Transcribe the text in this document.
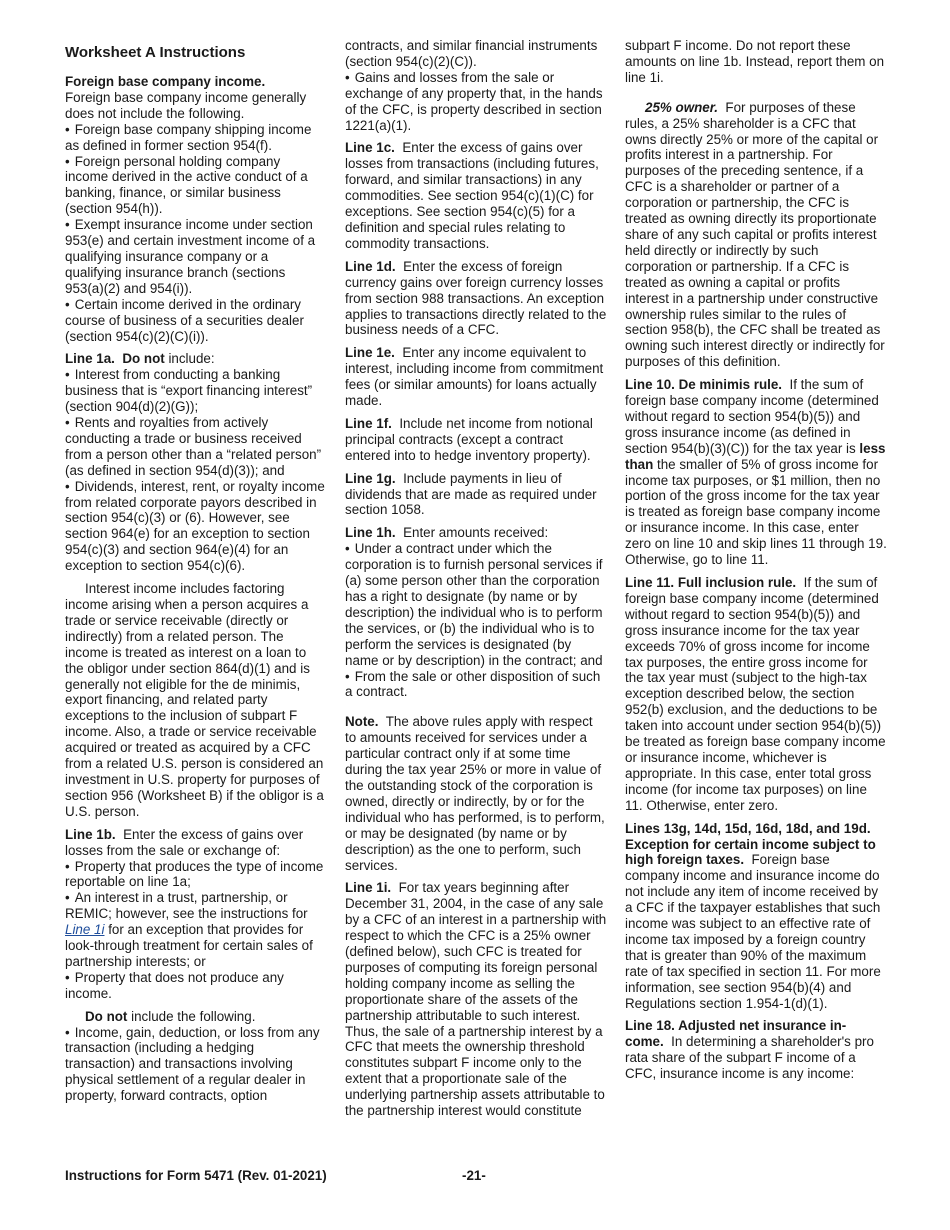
Worksheet A Instructions
Foreign base company income.
Foreign base company income generally does not include the following.
• Foreign base company shipping income as defined in former section 954(f).
• Foreign personal holding company income derived in the active conduct of a banking, finance, or similar business (section 954(h)).
• Exempt insurance income under section 953(e) and certain investment income of a qualifying insurance company or a qualifying insurance branch (sections 953(a)(2) and 954(i)).
• Certain income derived in the ordinary course of business of a securities dealer (section 954(c)(2)(C)(i)).
Line 1a. Do not include:
• Interest from conducting a banking business that is “export financing interest” (section 904(d)(2)(G));
• Rents and royalties from actively conducting a trade or business received from a person other than a “related person” (as defined in section 954(d)(3)); and
• Dividends, interest, rent, or royalty income from related corporate payors described in section 954(c)(3) or (6). However, see section 964(e) for an exception to section 954(c)(3) and section 964(e)(4) for an exception to section 954(c)(6).
Interest income includes factoring income arising when a person acquires a trade or service receivable (directly or indirectly) from a related person. The income is treated as interest on a loan to the obligor under section 864(d)(1) and is generally not eligible for the de minimis, export financing, and related party exceptions to the inclusion of subpart F income. Also, a trade or service receivable acquired or treated as acquired by a CFC from a related U.S. person is considered an investment in U.S. property for purposes of section 956 (Worksheet B) if the obligor is a U.S. person.
Line 1b. Enter the excess of gains over losses from the sale or exchange of:
• Property that produces the type of income reportable on line 1a;
• An interest in a trust, partnership, or REMIC; however, see the instructions for Line 1i for an exception that provides for look-through treatment for certain sales of partnership interests; or
• Property that does not produce any income.
Do not include the following.
• Income, gain, deduction, or loss from any transaction (including a hedging transaction) and transactions involving physical settlement of a regular dealer in property, forward contracts, option
contracts, and similar financial instruments (section 954(c)(2)(C)).
• Gains and losses from the sale or exchange of any property that, in the hands of the CFC, is property described in section 1221(a)(1).
Line 1c. Enter the excess of gains over losses from transactions (including futures, forward, and similar transactions) in any commodities. See section 954(c)(1)(C) for exceptions. See section 954(c)(5) for a definition and special rules relating to commodity transactions.
Line 1d. Enter the excess of foreign currency gains over foreign currency losses from section 988 transactions. An exception applies to transactions directly related to the business needs of a CFC.
Line 1e. Enter any income equivalent to interest, including income from commitment fees (or similar amounts) for loans actually made.
Line 1f. Include net income from notional principal contracts (except a contract entered into to hedge inventory property).
Line 1g. Include payments in lieu of dividends that are made as required under section 1058.
Line 1h. Enter amounts received:
• Under a contract under which the corporation is to furnish personal services if (a) some person other than the corporation has a right to designate (by name or by description) the individual who is to perform the services, or (b) the individual who is to perform the services is designated (by name or by description) in the contract; and
• From the sale or other disposition of such a contract.
Note. The above rules apply with respect to amounts received for services under a particular contract only if at some time during the tax year 25% or more in value of the outstanding stock of the corporation is owned, directly or indirectly, by or for the individual who has performed, is to perform, or may be designated (by name or by description) as the one to perform, such services.
Line 1i. For tax years beginning after December 31, 2004, in the case of any sale by a CFC of an interest in a partnership with respect to which the CFC is a 25% owner (defined below), such CFC is treated for purposes of computing its foreign personal holding company income as selling the proportionate share of the assets of the partnership attributable to such interest. Thus, the sale of a partnership interest by a CFC that meets the ownership threshold constitutes subpart F income only to the extent that a proportionate sale of the underlying partnership assets attributable to the partnership interest would constitute
subpart F income. Do not report these amounts on line 1b. Instead, report them on line 1i.
25% owner. For purposes of these rules, a 25% shareholder is a CFC that owns directly 25% or more of the capital or profits interest in a partnership. For purposes of the preceding sentence, if a CFC is a shareholder or partner of a corporation or partnership, the CFC is treated as owning directly its proportionate share of any such capital or profits interest held directly or indirectly by such corporation or partnership. If a CFC is treated as owning a capital or profits interest in a partnership under constructive ownership rules similar to the rules of section 958(b), the CFC shall be treated as owning such interest directly or indirectly for purposes of this definition.
Line 10. De minimis rule. If the sum of foreign base company income (determined without regard to section 954(b)(5)) and gross insurance income (as defined in section 954(b)(3)(C)) for the tax year is less than the smaller of 5% of gross income for income tax purposes, or $1 million, then no portion of the gross income for the tax year is treated as foreign base company income or insurance income. In this case, enter zero on line 10 and skip lines 11 through 19. Otherwise, go to line 11.
Line 11. Full inclusion rule. If the sum of foreign base company income (determined without regard to section 954(b)(5)) and gross insurance income for the tax year exceeds 70% of gross income for income tax purposes, the entire gross income for the tax year must (subject to the high-tax exception described below, the section 952(b) exclusion, and the deductions to be taken into account under section 954(b)(5)) be treated as foreign base company income or insurance income, whichever is appropriate. In this case, enter total gross income (for income tax purposes) on line 11. Otherwise, enter zero.
Lines 13g, 14d, 15d, 16d, 18d, and 19d. Exception for certain income subject to high foreign taxes. Foreign base company income and insurance income do not include any item of income received by a CFC if the taxpayer establishes that such income was subject to an effective rate of income tax imposed by a foreign country that is greater than 90% of the maximum rate of tax specified in section 11. For more information, see section 954(b)(4) and Regulations section 1.954-1(d)(1).
Line 18. Adjusted net insurance in-come. In determining a shareholder's pro rata share of the subpart F income of a CFC, insurance income is any income:
Instructions for Form 5471 (Rev. 01-2021)	-21-
